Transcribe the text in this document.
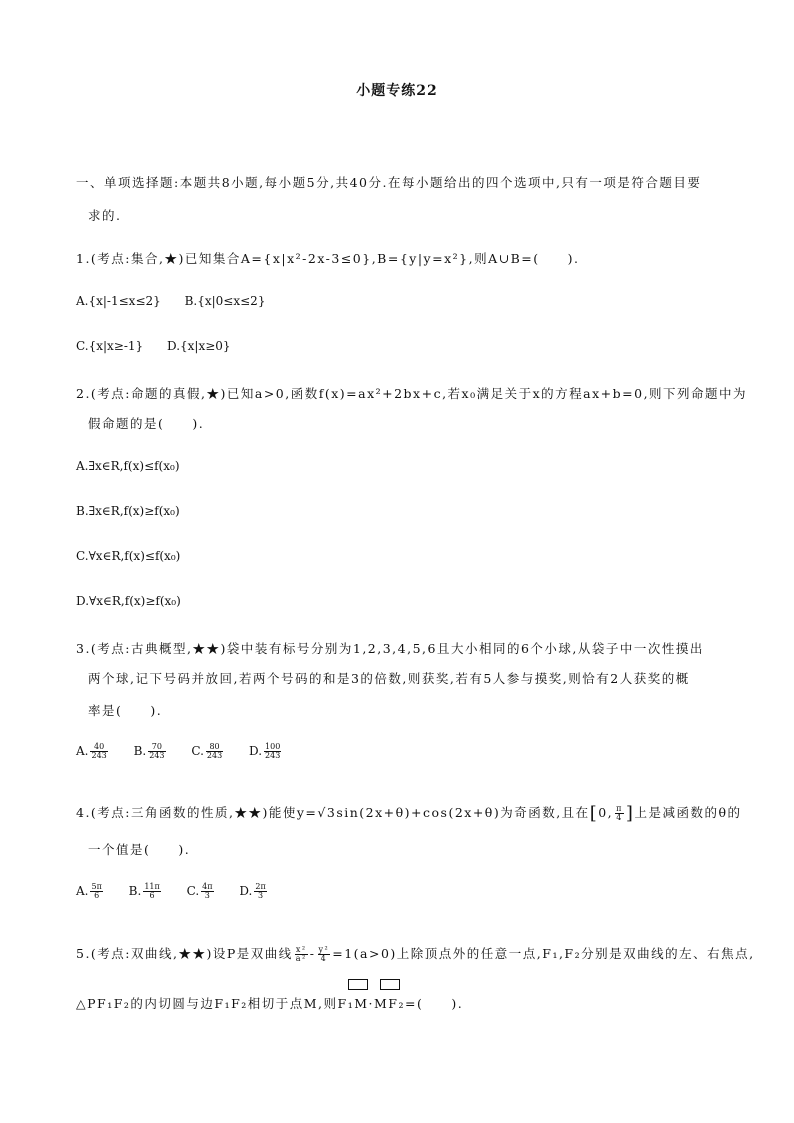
小题专练22
一、单项选择题:本题共8小题,每小题5分,共40分.在每小题给出的四个选项中,只有一项是符合题目要
求的.
1.(考点:集合,★)已知集合A={x|x²-2x-3≤0},B={y|y=x²},则A∪B=(　　).
A.{x|-1≤x≤2} B.{x|0≤x≤2}
C.{x|x≥-1} D.{x|x≥0}
2.(考点:命题的真假,★)已知a>0,函数f(x)=ax²+2bx+c,若x₀满足关于x的方程ax+b=0,则下列命题中为
假命题的是(　　).
A.∃x∈R,f(x)≤f(x₀)
B.∃x∈R,f(x)≥f(x₀)
C.∀x∈R,f(x)≤f(x₀)
D.∀x∈R,f(x)≥f(x₀)
3.(考点:古典概型,★★)袋中装有标号分别为1,2,3,4,5,6且大小相同的6个小球,从袋子中一次性摸出
两个球,记下号码并放回,若两个号码的和是3的倍数,则获奖,若有5人参与摸奖,则恰有2人获奖的概
率是(　　).
A. $\frac{40}{243} B$. $\frac{70}{243} C$. $\frac{80}{243} D$. $\frac{100}{243}$
4.(考点:三角函数的性质,★★)能使y=√3sin(2x+θ)+cos(2x+θ)为奇函数,且在[0, $\frac{\pi}{4}$ ]上是减函数的θ的
一个值是(　　).
A. $\frac{5\pi}{6} B$. $\frac{11\pi}{6} C$. $\frac{4\pi}{3} D$. $\frac{2\pi}{3}$
5.(考点:双曲线,★★)设P是双曲线 $\frac{\text{x²}}{\text{a²}} - \frac{\text{y²}}{4} =1(a>0)$上除顶点外的任意一点,F₁,F₂分别是双曲线的左、右焦点,
△PF₁F₂的内切圆与边F₁F₂相切于点M,则F₁M·MF₂=(　　).
